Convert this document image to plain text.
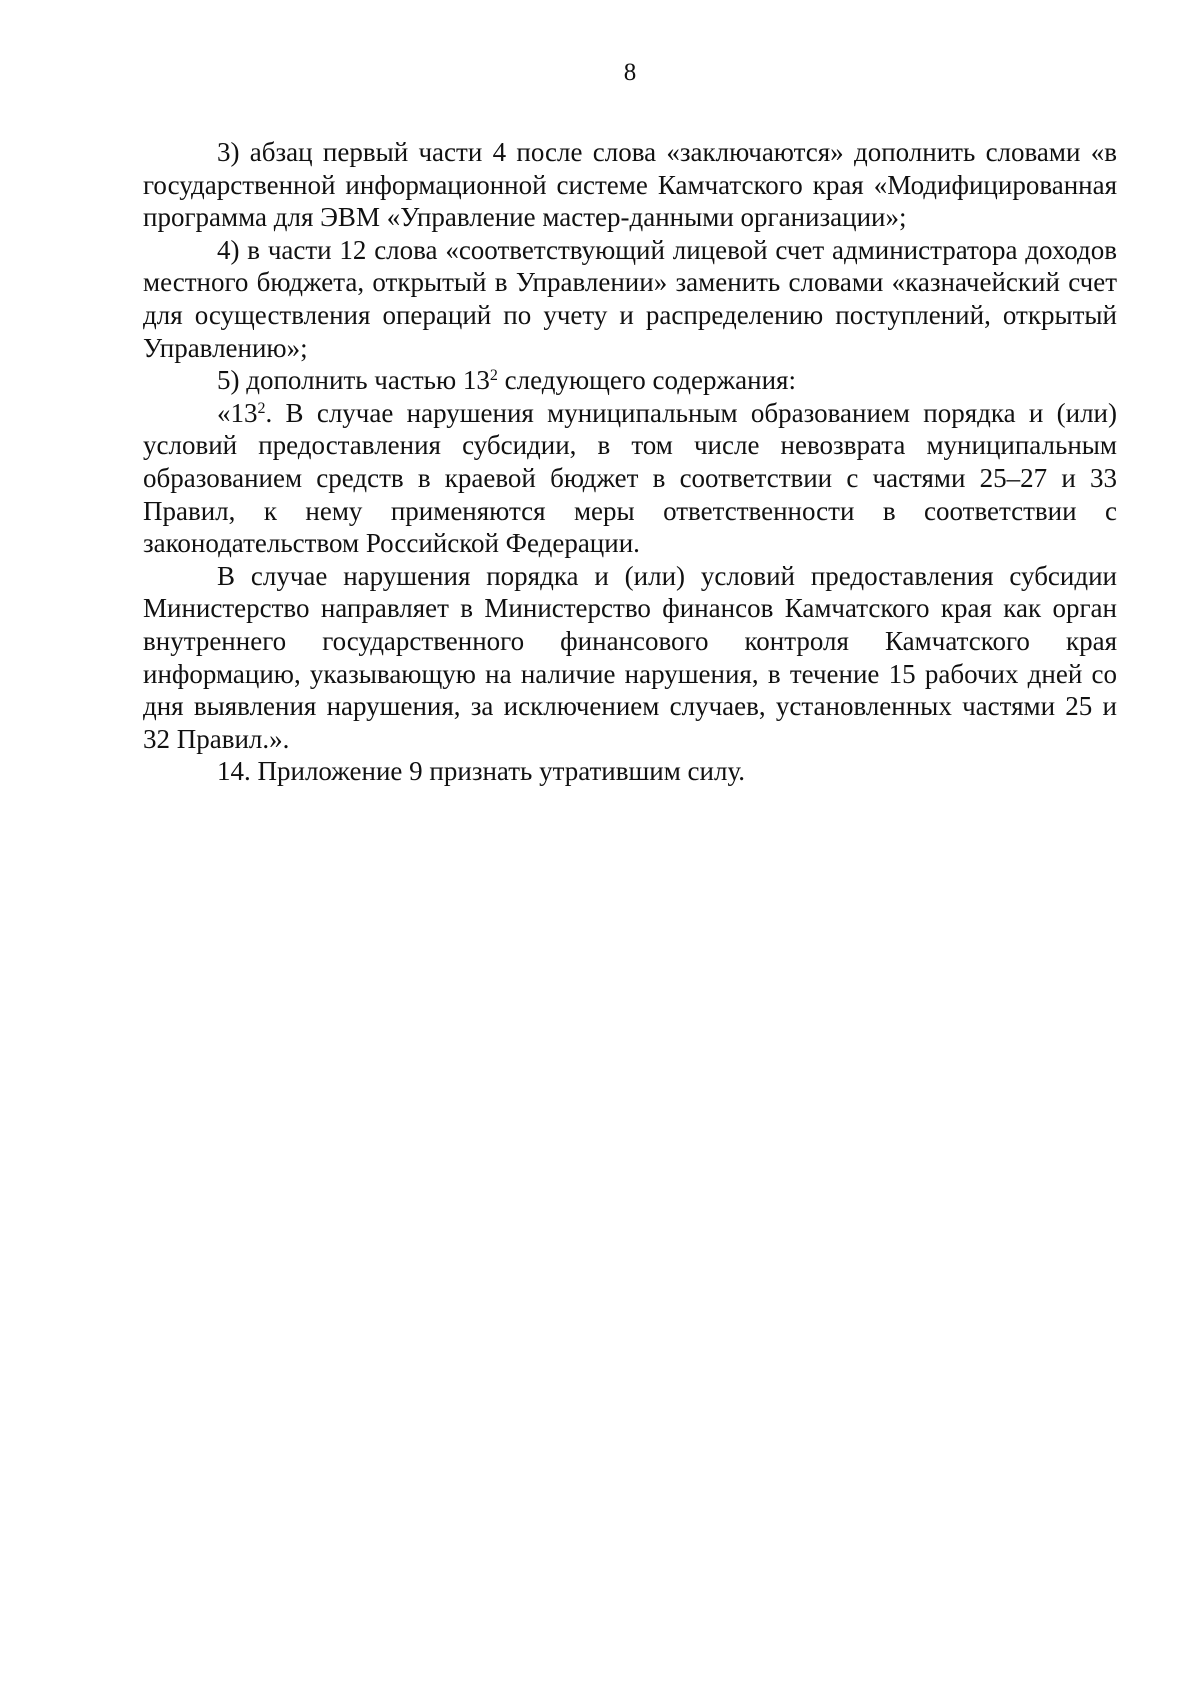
8

3) абзац первый части 4 после слова «заключаются» дополнить словами «в государственной информационной системе Камчатского края «Модифицированная программа для ЭВМ «Управление мастер-данными организации»;

4) в части 12 слова «соответствующий лицевой счет администратора доходов местного бюджета, открытый в Управлении» заменить словами «казначейский счет для осуществления операций по учету и распределению поступлений, открытый Управлению»;

5) дополнить частью $13^2$ следующего содержания:

«$13^2$. В случае нарушения муниципальным образованием порядка и (или) условий предоставления субсидии, в том числе невозврата муниципальным образованием средств в краевой бюджет в соответствии с частями 25–27 и 33 Правил, к нему применяются меры ответственности в соответствии с законодательством Российской Федерации.

В случае нарушения порядка и (или) условий предоставления субсидии Министерство направляет в Министерство финансов Камчатского края как орган внутреннего государственного финансового контроля Камчатского края информацию, указывающую на наличие нарушения, в течение 15 рабочих дней со дня выявления нарушения, за исключением случаев, установленных частями 25 и 32 Правил.».

14. Приложение 9 признать утратившим силу.
